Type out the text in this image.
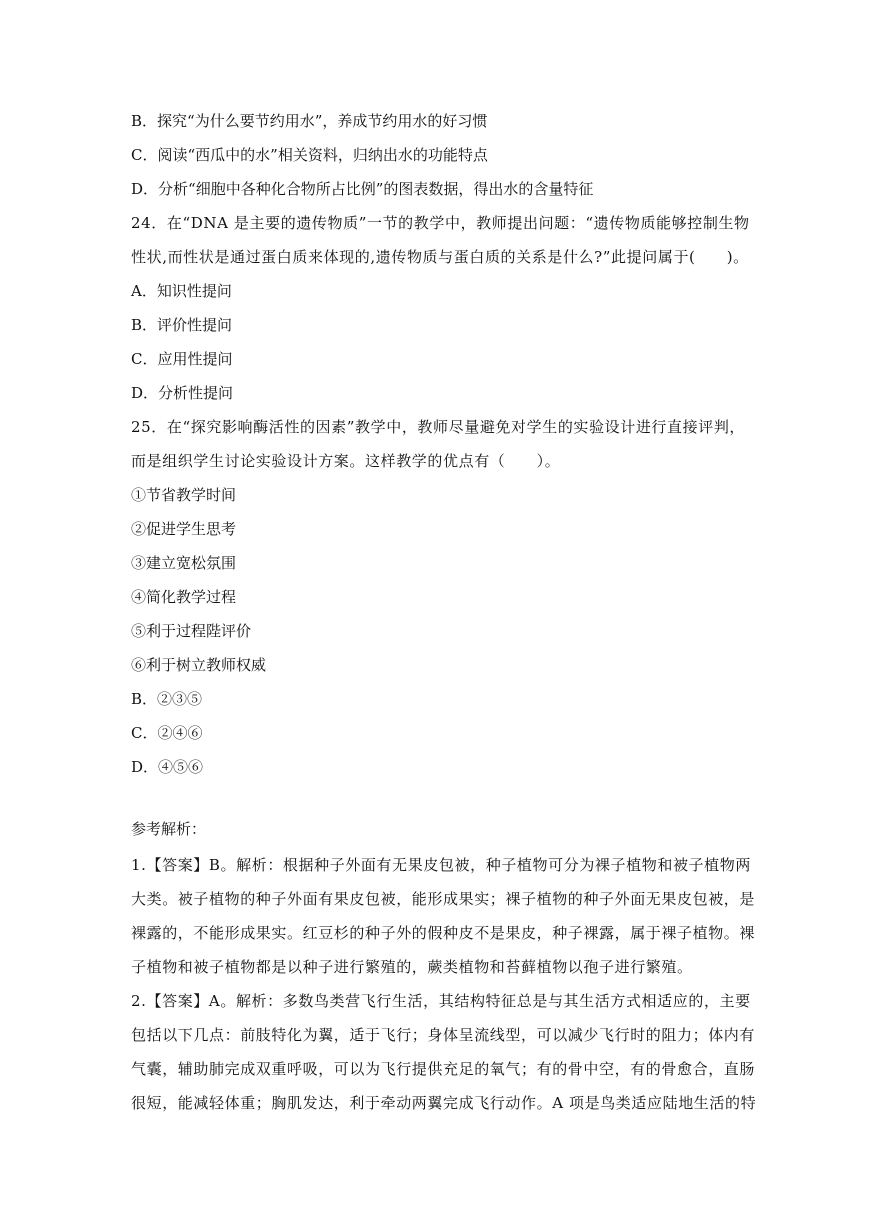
B．探究“为什么要节约用水”，养成节约用水的好习惯
C．阅读“西瓜中的水”相关资料，归纳出水的功能特点
D．分析“细胞中各种化合物所占比例”的图表数据，得出水的含量特征

24．在“DNA 是主要的遗传物质”一节的教学中，教师提出问题：“遗传物质能够控制生物

性状,而性状是通过蛋白质来体现的,遗传物质与蛋白质的关系是什么?”此提问属于(　　)。

A．知识性提问
B．评价性提问
C．应用性提问
D．分析性提问

25．在“探究影响酶活性的因素”教学中，教师尽量避免对学生的实验设计进行直接评判，

而是组织学生讨论实验设计方案。这样教学的优点有（　　）。

①节省教学时间
②促进学生思考
③建立宽松氛围
④简化教学过程
⑤利于过程陛评价
⑥利于树立教师权威
B．②③⑤
C．②④⑥
D．④⑤⑥
参考解析：

1.【答案】B。解析：根据种子外面有无果皮包被，种子植物可分为裸子植物和被子植物两

大类。被子植物的种子外面有果皮包被，能形成果实；裸子植物的种子外面无果皮包被，是

裸露的，不能形成果实。红豆杉的种子外的假种皮不是果皮，种子裸露，属于裸子植物。裸

子植物和被子植物都是以种子进行繁殖的，蕨类植物和苔藓植物以孢子进行繁殖。

2.【答案】A。解析：多数鸟类营飞行生活，其结构特征总是与其生活方式相适应的，主要

包括以下几点：前肢特化为翼，适于飞行；身体呈流线型，可以减少飞行时的阻力；体内有

气囊，辅助肺完成双重呼吸，可以为飞行提供充足的氧气；有的骨中空，有的骨愈合，直肠

很短，能减轻体重；胸肌发达，利于牵动两翼完成飞行动作。A 项是鸟类适应陆地生活的特
